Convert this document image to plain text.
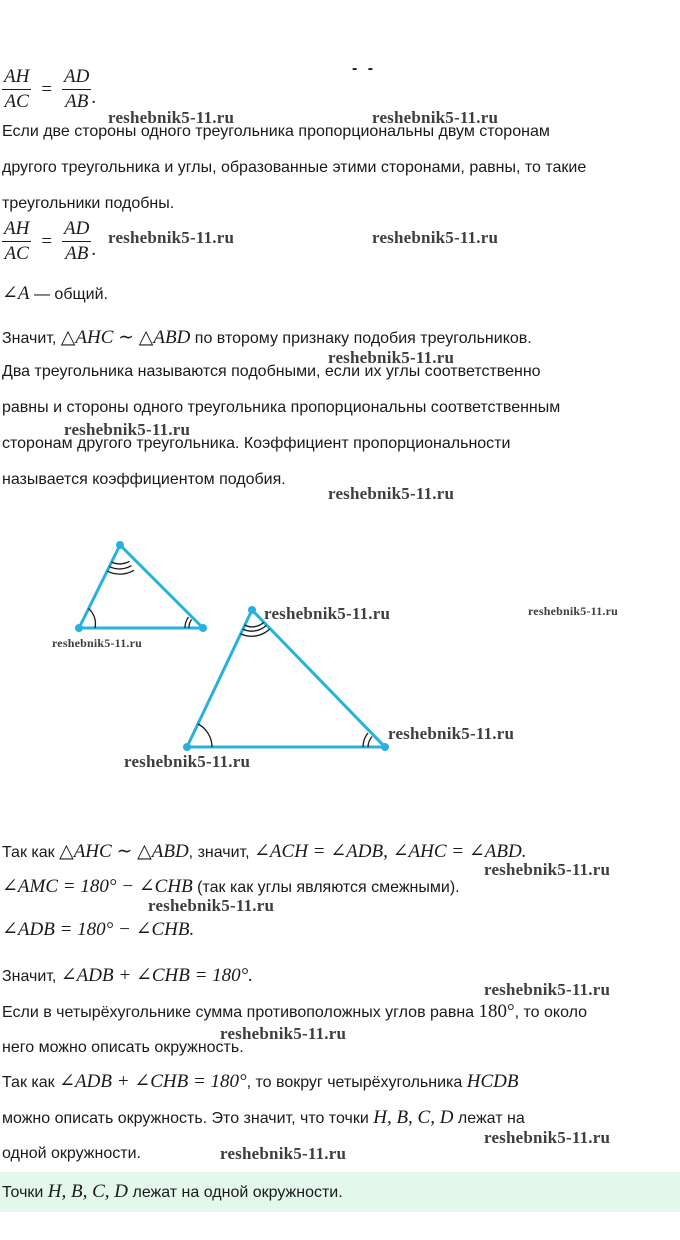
- -
$\frac{AH}{AC} = \frac{AD}{AB}$ .
Если две стороны одного треугольника пропорциональны двум сторонам
другого треугольника и углы, образованные этими сторонами, равны, то такие
треугольники подобны.
$\frac{AH}{AC} = \frac{AD}{AB}$ .
∠A — общий.
Значит, △AHC ∼ △ABD по второму признаку подобия треугольников.
Два треугольника называются подобными, если их углы соответственно
равны и стороны одного треугольника пропорциональны соответственным
сторонам другого треугольника. Коэффициент пропорциональности
называется коэффициентом подобия.
Так как △AHC ∼ △ABD, значит, ∠ACH = ∠ADB, ∠AHC = ∠ABD.
∠AMC = 180° − ∠CHB (так как углы являются смежными).
∠ADB = 180° − ∠CHB.
Значит, ∠ADB + ∠CHB = 180°.
Если в четырёхугольнике сумма противоположных углов равна 180°, то около
него можно описать окружность.
Так как ∠ADB + ∠CHB = 180°, то вокруг четырёхугольника HCDB
можно описать окружность. Это значит, что точки H, B, C, D лежат на
одной окружности.
Точки H, B, C, D лежат на одной окружности.
reshebnik5-11.ru	reshebnik5-11.ru
reshebnik5-11.ru	reshebnik5-11.ru
reshebnik5-11.ru
reshebnik5-11.ru
reshebnik5-11.ru
reshebnik5-11.ru	reshebnik5-11.ru
reshebnik5-11.ru
reshebnik5-11.ru
reshebnik5-11.ru
reshebnik5-11.ru
reshebnik5-11.ru
reshebnik5-11.ru
reshebnik5-11.ru
reshebnik5-11.ru
reshebnik5-11.ru
